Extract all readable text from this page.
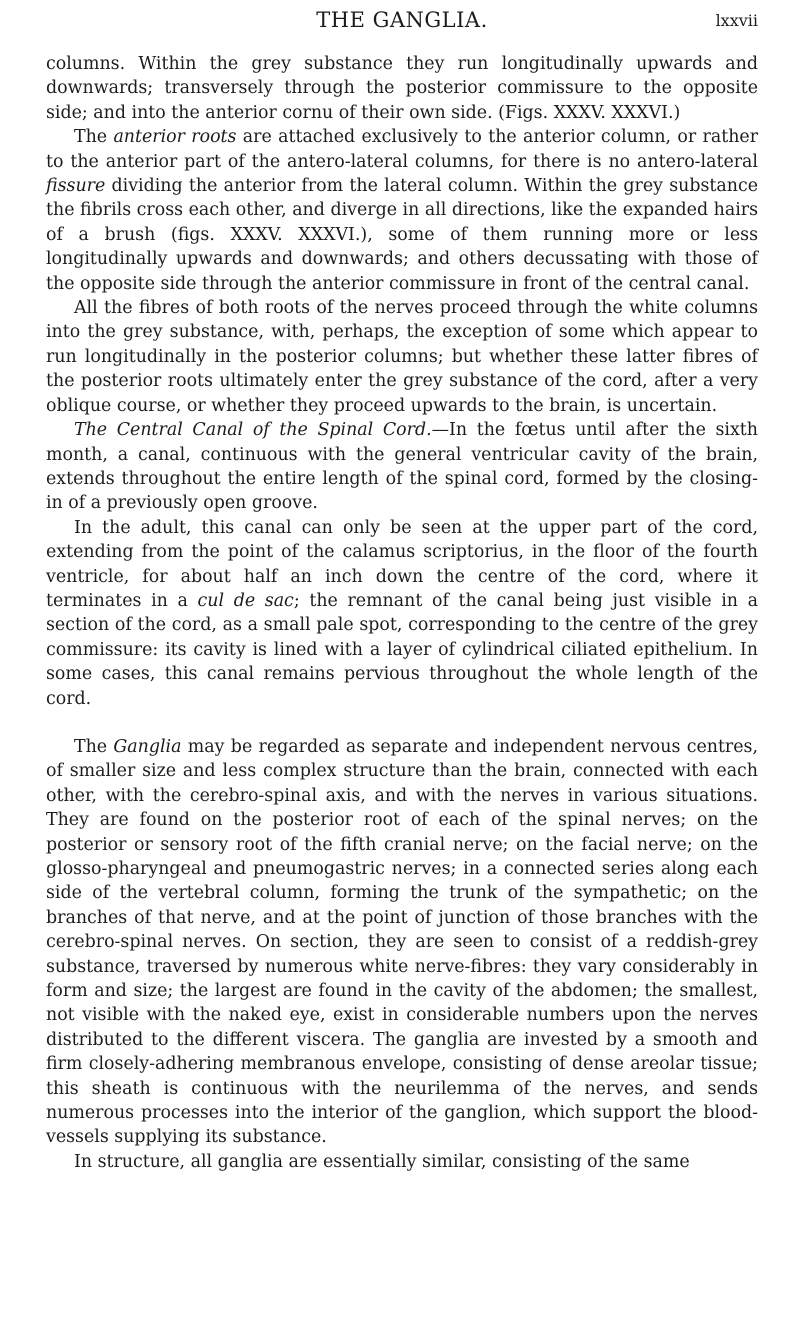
THE GANGLIA.	lxxvii

columns. Within the grey substance they run longitudinally upwards and downwards; transversely through the posterior commissure to the opposite side; and into the anterior cornu of their own side. (Figs. XXXV. XXXVI.)

The anterior roots are attached exclusively to the anterior column, or rather to the anterior part of the antero-lateral columns, for there is no antero-lateral fissure dividing the anterior from the lateral column. Within the grey substance the fibrils cross each other, and diverge in all directions, like the expanded hairs of a brush (figs. XXXV. XXXVI.), some of them running more or less longitudinally upwards and downwards; and others decussating with those of the opposite side through the anterior commissure in front of the central canal.

All the fibres of both roots of the nerves proceed through the white columns into the grey substance, with, perhaps, the exception of some which appear to run longitudinally in the posterior columns; but whether these latter fibres of the posterior roots ultimately enter the grey substance of the cord, after a very oblique course, or whether they proceed upwards to the brain, is uncertain.

The Central Canal of the Spinal Cord.—In the fœtus until after the sixth month, a canal, continuous with the general ventricular cavity of the brain, extends throughout the entire length of the spinal cord, formed by the closing-in of a previously open groove.

In the adult, this canal can only be seen at the upper part of the cord, extending from the point of the calamus scriptorius, in the floor of the fourth ventricle, for about half an inch down the centre of the cord, where it terminates in a cul de sac; the remnant of the canal being just visible in a section of the cord, as a small pale spot, corresponding to the centre of the grey commissure: its cavity is lined with a layer of cylindrical ciliated epithelium. In some cases, this canal remains pervious throughout the whole length of the cord.

The Ganglia may be regarded as separate and independent nervous centres, of smaller size and less complex structure than the brain, connected with each other, with the cerebro-spinal axis, and with the nerves in various situations. They are found on the posterior root of each of the spinal nerves; on the posterior or sensory root of the fifth cranial nerve; on the facial nerve; on the glosso-pharyngeal and pneumogastric nerves; in a connected series along each side of the vertebral column, forming the trunk of the sympathetic; on the branches of that nerve, and at the point of junction of those branches with the cerebro-spinal nerves. On section, they are seen to consist of a reddish-grey substance, traversed by numerous white nerve-fibres: they vary considerably in form and size; the largest are found in the cavity of the abdomen; the smallest, not visible with the naked eye, exist in considerable numbers upon the nerves distributed to the different viscera. The ganglia are invested by a smooth and firm closely-adhering membranous envelope, consisting of dense areolar tissue; this sheath is continuous with the neurilemma of the nerves, and sends numerous processes into the interior of the ganglion, which support the blood-vessels supplying its substance.

In structure, all ganglia are essentially similar, consisting of the same
